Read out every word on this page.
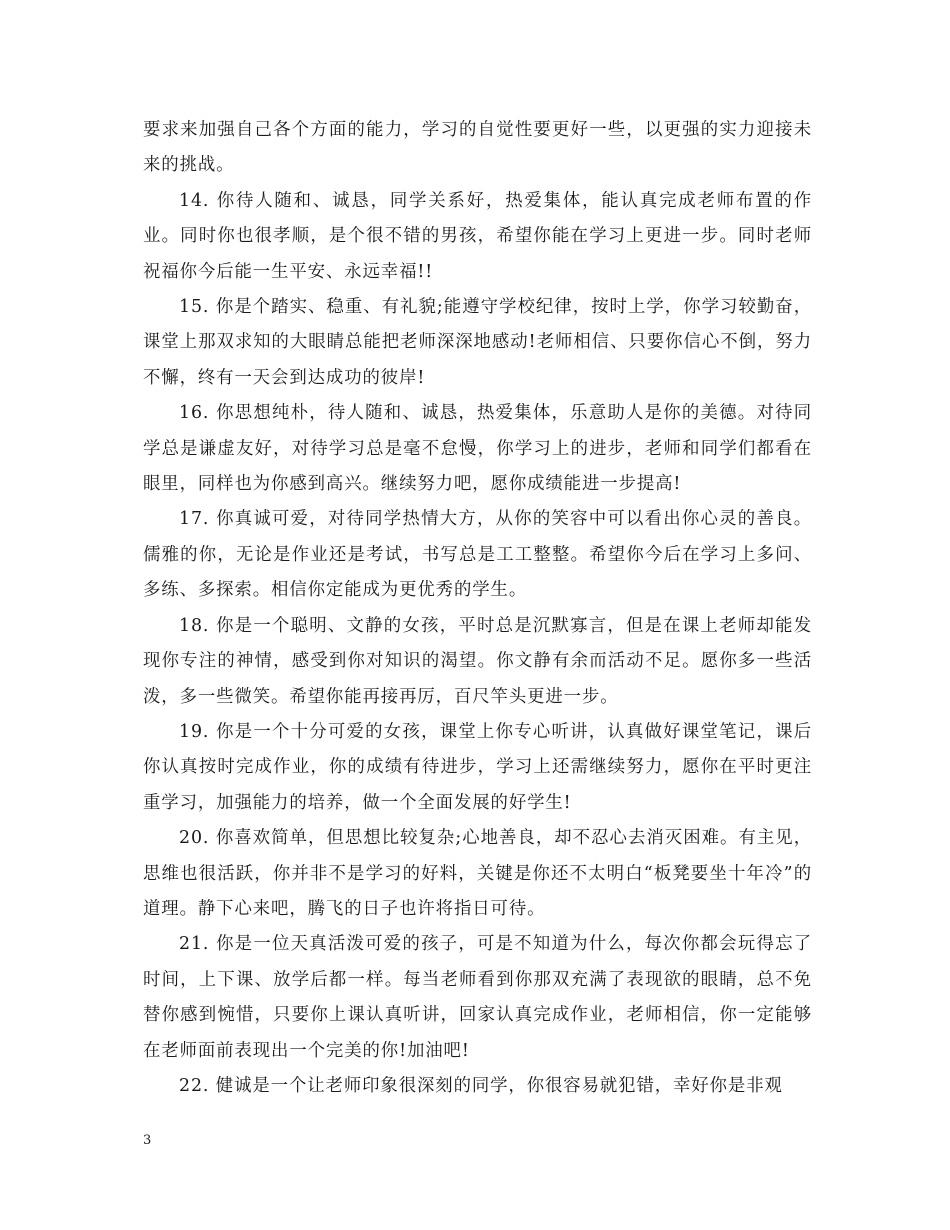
要求来加强自己各个方面的能力，学习的自觉性要更好一些，以更强的实力迎接未来的挑战。

14. 你待人随和、诚恳，同学关系好，热爱集体，能认真完成老师布置的作业。同时你也很孝顺，是个很不错的男孩，希望你能在学习上更进一步。同时老师祝福你今后能一生平安、永远幸福!!

15. 你是个踏实、稳重、有礼貌;能遵守学校纪律，按时上学，你学习较勤奋，课堂上那双求知的大眼睛总能把老师深深地感动!老师相信、只要你信心不倒，努力不懈，终有一天会到达成功的彼岸!

16. 你思想纯朴，待人随和、诚恳，热爱集体，乐意助人是你的美德。对待同学总是谦虚友好，对待学习总是毫不怠慢，你学习上的进步，老师和同学们都看在眼里，同样也为你感到高兴。继续努力吧，愿你成绩能进一步提高!

17. 你真诚可爱，对待同学热情大方，从你的笑容中可以看出你心灵的善良。儒雅的你，无论是作业还是考试，书写总是工工整整。希望你今后在学习上多问、多练、多探索。相信你定能成为更优秀的学生。

18. 你是一个聪明、文静的女孩，平时总是沉默寡言，但是在课上老师却能发现你专注的神情，感受到你对知识的渴望。你文静有余而活动不足。愿你多一些活泼，多一些微笑。希望你能再接再厉，百尺竿头更进一步。

19. 你是一个十分可爱的女孩，课堂上你专心听讲，认真做好课堂笔记，课后你认真按时完成作业，你的成绩有待进步，学习上还需继续努力，愿你在平时更注重学习，加强能力的培养，做一个全面发展的好学生!

20. 你喜欢简单，但思想比较复杂;心地善良，却不忍心去消灭困难。有主见，思维也很活跃，你并非不是学习的好料，关键是你还不太明白“板凳要坐十年冷”的道理。静下心来吧，腾飞的日子也许将指日可待。

21. 你是一位天真活泼可爱的孩子，可是不知道为什么，每次你都会玩得忘了时间，上下课、放学后都一样。每当老师看到你那双充满了表现欲的眼睛，总不免替你感到惋惜，只要你上课认真听讲，回家认真完成作业，老师相信，你一定能够在老师面前表现出一个完美的你!加油吧!

22. 健诚是一个让老师印象很深刻的同学，你很容易就犯错，幸好你是非观

3
